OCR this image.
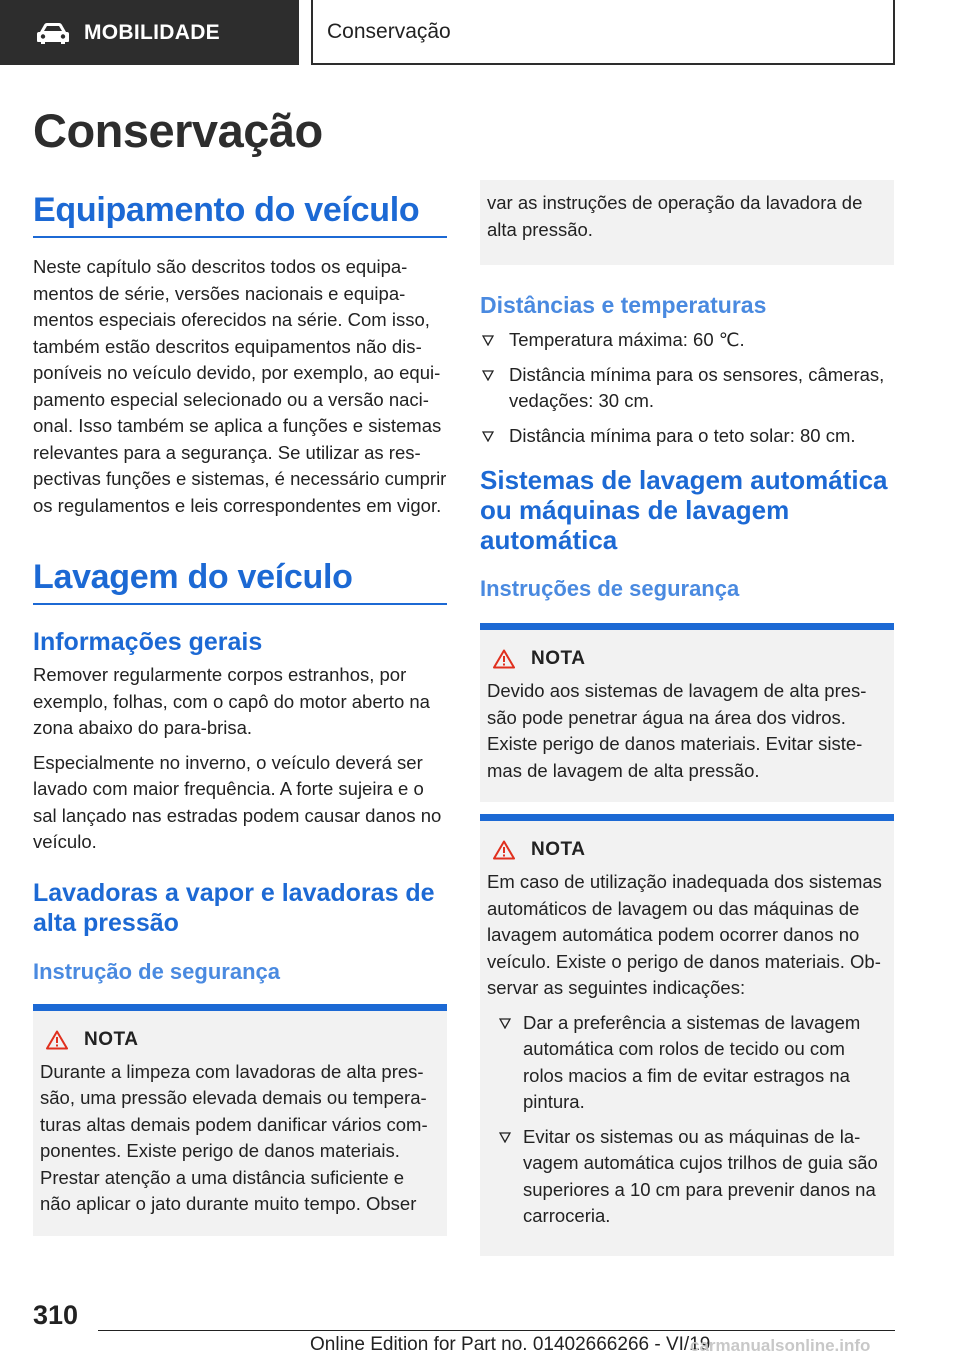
MOBILIDADE	Conservação
Conservação
Equipamento do veículo

Neste capítulo são descritos todos os equipamentos de série, versões nacionais e equipamentos especiais oferecidos na série. Com isso, também estão descritos equipamentos não disponíveis no veículo devido, por exemplo, ao equipamento especial selecionado ou a versão nacional. Isso também se aplica a funções e sistemas relevantes para a segurança. Se utilizar as respectivas funções e sistemas, é necessário cumprir os regulamentos e leis correspondentes em vigor.

Lavagem do veículo
Informações gerais

Remover regularmente corpos estranhos, por exemplo, folhas, com o capô do motor aberto na zona abaixo do para-brisa.

Especialmente no inverno, o veículo deverá ser lavado com maior frequência. A forte sujeira e o sal lançado nas estradas podem causar danos no veículo.

Lavadoras a vapor e lavadoras de alta pressão
Instrução de segurança
NOTA

Durante a limpeza com lavadoras de alta pressão, uma pressão elevada demais ou temperaturas altas demais podem danificar vários componentes. Existe perigo de danos materiais. Prestar atenção a uma distância suficiente e não aplicar o jato durante muito tempo. Obser

var as instruções de operação da lavadora de alta pressão.

Distâncias e temperaturas
Temperatura máxima: 60 ℃.
Distância mínima para os sensores, câmeras, vedações: 30 cm.
Distância mínima para o teto solar: 80 cm.
Sistemas de lavagem automática ou máquinas de lavagem automática
Instruções de segurança
NOTA

Devido aos sistemas de lavagem de alta pressão pode penetrar água na área dos vidros. Existe perigo de danos materiais. Evitar sistemas de lavagem de alta pressão.

NOTA

Em caso de utilização inadequada dos sistemas automáticos de lavagem ou das máquinas de lavagem automática podem ocorrer danos no veículo. Existe o perigo de danos materiais. Observar as seguintes indicações:

Dar a preferência a sistemas de lavagem automática com rolos de tecido ou com rolos macios a fim de evitar estragos na pintura.
Evitar os sistemas ou as máquinas de lavagem automática cujos trilhos de guia são superiores a 10 cm para prevenir danos na carroceria.
310
Online Edition for Part no. 01402666266 - VI/19
carmanualsonline.info
